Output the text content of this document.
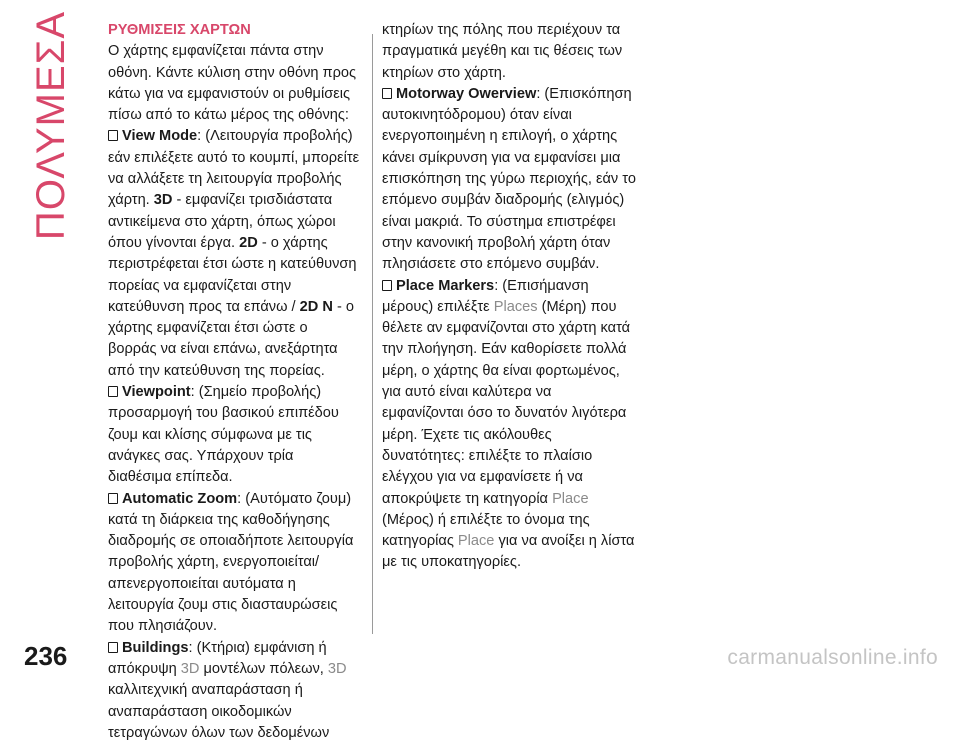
ΠΟΛΥΜΕΣΑ ΡΥΘΜΙΣΕΙΣ ΧΑΡΤΩΝ
Ο χάρτης εμφανίζεται πάντα στην
οθόνη. Κάντε κύλιση στην οθόνη προς
κάτω για να εμφανιστούν οι ρυθμίσεις
πίσω από το κάτω μέρος της οθόνης:
View Mode: (Λειτουργία προβολής)
εάν επιλέξετε αυτό το κουμπί, μπορείτε
να αλλάξετε τη λειτουργία προβολής
χάρτη. 3D - εμφανίζει τρισδιάστατα
αντικείμενα στο χάρτη, όπως χώροι
όπου γίνονται έργα. 2D - ο χάρτης
περιστρέφεται έτσι ώστε η κατεύθυνση
πορείας να εμφανίζεται στην
κατεύθυνση προς τα επάνω / 2D N - ο
χάρτης εμφανίζεται έτσι ώστε ο
βορράς να είναι επάνω, ανεξάρτητα
από την κατεύθυνση της πορείας.
Viewpoint: (Σημείο προβολής)
προσαρμογή του βασικού επιπέδου
ζουμ και κλίσης σύμφωνα με τις
ανάγκες σας. Υπάρχουν τρία
διαθέσιμα επίπεδα.
Automatic Zoom: (Αυτόματο ζουμ)
κατά τη διάρκεια της καθοδήγησης
διαδρομής σε οποιαδήποτε λειτουργία
προβολής χάρτη, ενεργοποιείται/
απενεργοποιείται αυτόματα η
λειτουργία ζουμ στις διασταυρώσεις
που πλησιάζουν.
Buildings: (Κτήρια) εμφάνιση ή
απόκρυψη 3D μοντέλων πόλεων, 3D
καλλιτεχνική αναπαράσταση ή
αναπαράσταση οικοδομικών
τετραγώνων όλων των δεδομένων
κτηρίων της πόλης που περιέχουν τα
πραγματικά μεγέθη και τις θέσεις των
κτηρίων στο χάρτη.
Motorway Owerview: (Επισκόπηση
αυτοκινητόδρομου) όταν είναι
ενεργοποιημένη η επιλογή, ο χάρτης
κάνει σμίκρυνση για να εμφανίσει μια
επισκόπηση της γύρω περιοχής, εάν το
επόμενο συμβάν διαδρομής (ελιγμός)
είναι μακριά. Το σύστημα επιστρέφει
στην κανονική προβολή χάρτη όταν
πλησιάσετε στο επόμενο συμβάν.
Place Markers: (Επισήμανση
μέρους) επιλέξτε Places (Μέρη) που
θέλετε αν εμφανίζονται στο χάρτη κατά
την πλοήγηση. Εάν καθορίσετε πολλά
μέρη, ο χάρτης θα είναι φορτωμένος,
για αυτό είναι καλύτερα να
εμφανίζονται όσο το δυνατόν λιγότερα
μέρη. Έχετε τις ακόλουθες
δυνατότητες: επιλέξτε το πλαίσιο
ελέγχου για να εμφανίσετε ή να
αποκρύψετε τη κατηγορία Place
(Μέρος) ή επιλέξτε το όνομα της
κατηγορίας Place για να ανοίξει η λίστα
με τις υποκατηγορίες.
236	carmanualsonline.info
